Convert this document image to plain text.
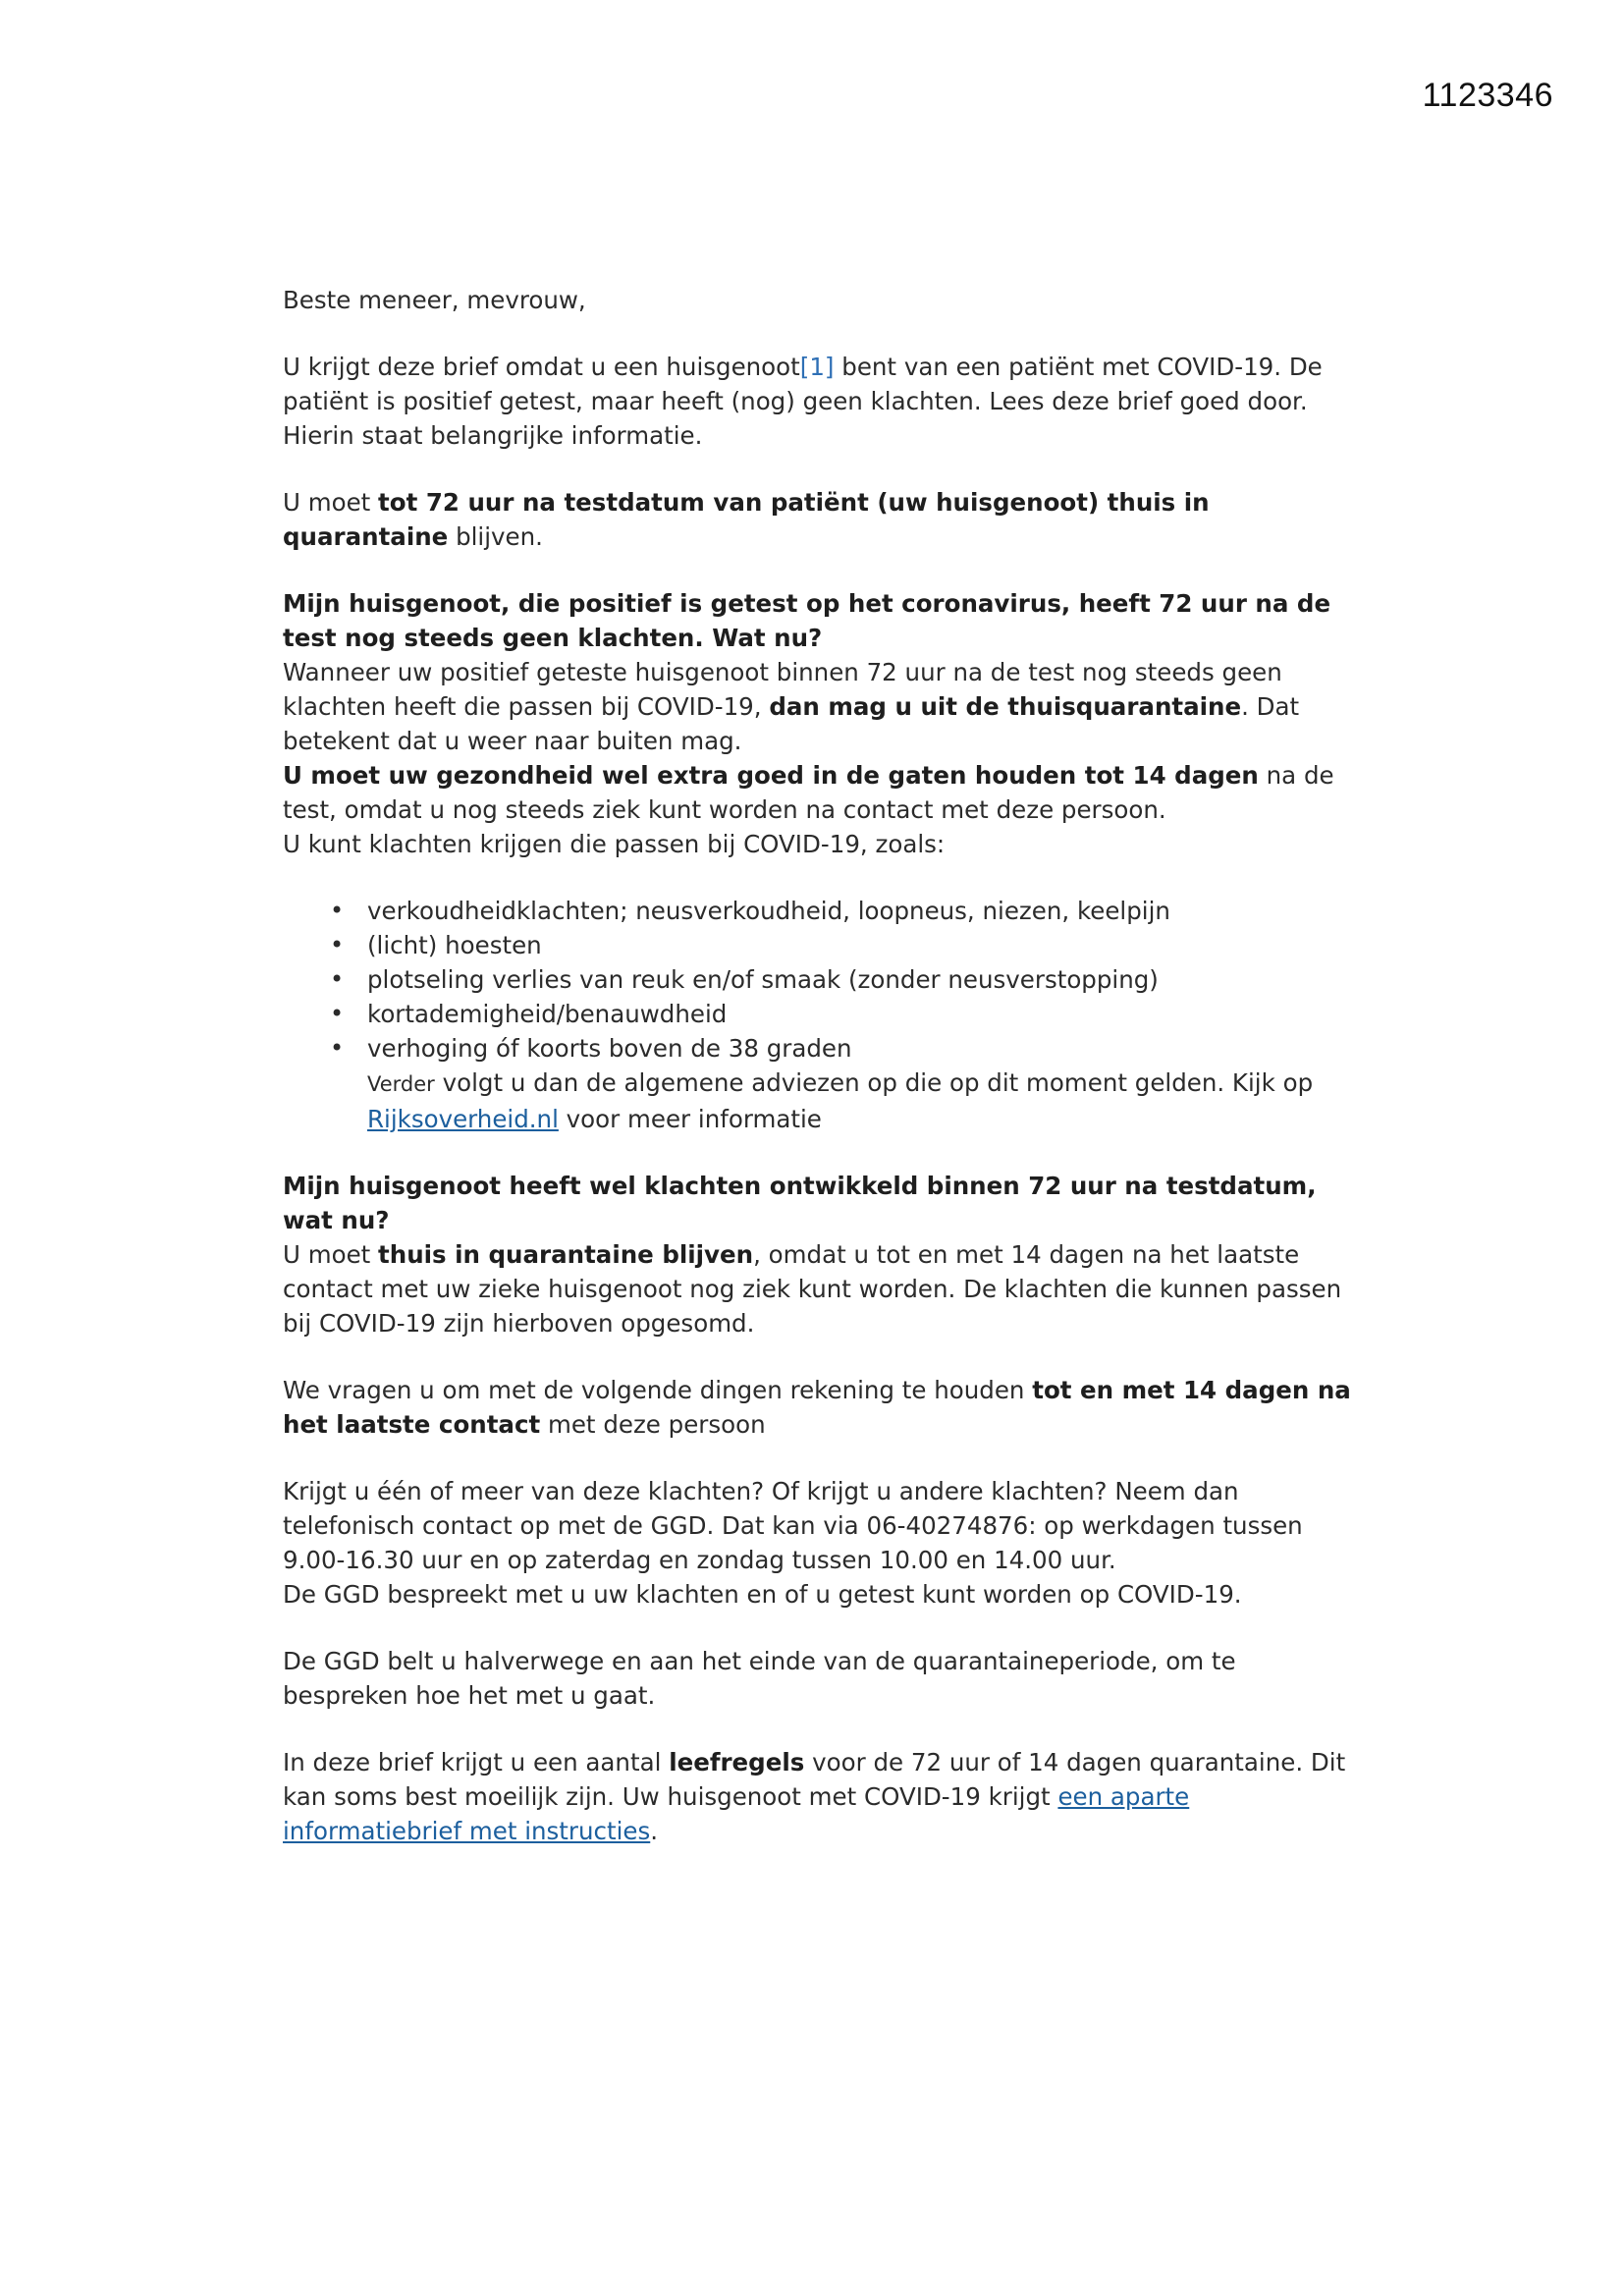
1123346

Beste meneer, mevrouw,

U krijgt deze brief omdat u een huisgenoot[1] bent van een patiënt met COVID-19. De patiënt is positief getest, maar heeft (nog) geen klachten. Lees deze brief goed door. Hierin staat belangrijke informatie.

U moet tot 72 uur na testdatum van patiënt (uw huisgenoot) thuis in quarantaine blijven.

Mijn huisgenoot, die positief is getest op het coronavirus, heeft 72 uur na de test nog steeds geen klachten. Wat nu?

Wanneer uw positief geteste huisgenoot binnen 72 uur na de test nog steeds geen klachten heeft die passen bij COVID-19, dan mag u uit de thuisquarantaine. Dat betekent dat u weer naar buiten mag.

U moet uw gezondheid wel extra goed in de gaten houden tot 14 dagen na de test, omdat u nog steeds ziek kunt worden na contact met deze persoon.

U kunt klachten krijgen die passen bij COVID-19, zoals:

• verkoudheidklachten; neusverkoudheid, loopneus, niezen, keelpijn
• (licht) hoesten
• plotseling verlies van reuk en/of smaak (zonder neusverstopping)
• kortademigheid/benauwdheid
• verhoging óf koorts boven de 38 graden

Verder volgt u dan de algemene adviezen op die op dit moment gelden. Kijk op Rijksoverheid.nl voor meer informatie

Mijn huisgenoot heeft wel klachten ontwikkeld binnen 72 uur na testdatum, wat nu?

U moet thuis in quarantaine blijven, omdat u tot en met 14 dagen na het laatste contact met uw zieke huisgenoot nog ziek kunt worden. De klachten die kunnen passen bij COVID-19 zijn hierboven opgesomd.

We vragen u om met de volgende dingen rekening te houden tot en met 14 dagen na het laatste contact met deze persoon

Krijgt u één of meer van deze klachten? Of krijgt u andere klachten? Neem dan telefonisch contact op met de GGD. Dat kan via 06-40274876: op werkdagen tussen 9.00-16.30 uur en op zaterdag en zondag tussen 10.00 en 14.00 uur.

De GGD bespreekt met u uw klachten en of u getest kunt worden op COVID-19.

De GGD belt u halverwege en aan het einde van de quarantaineperiode, om te bespreken hoe het met u gaat.

In deze brief krijgt u een aantal leefregels voor de 72 uur of 14 dagen quarantaine. Dit kan soms best moeilijk zijn. Uw huisgenoot met COVID-19 krijgt een aparte informatiebrief met instructies.
